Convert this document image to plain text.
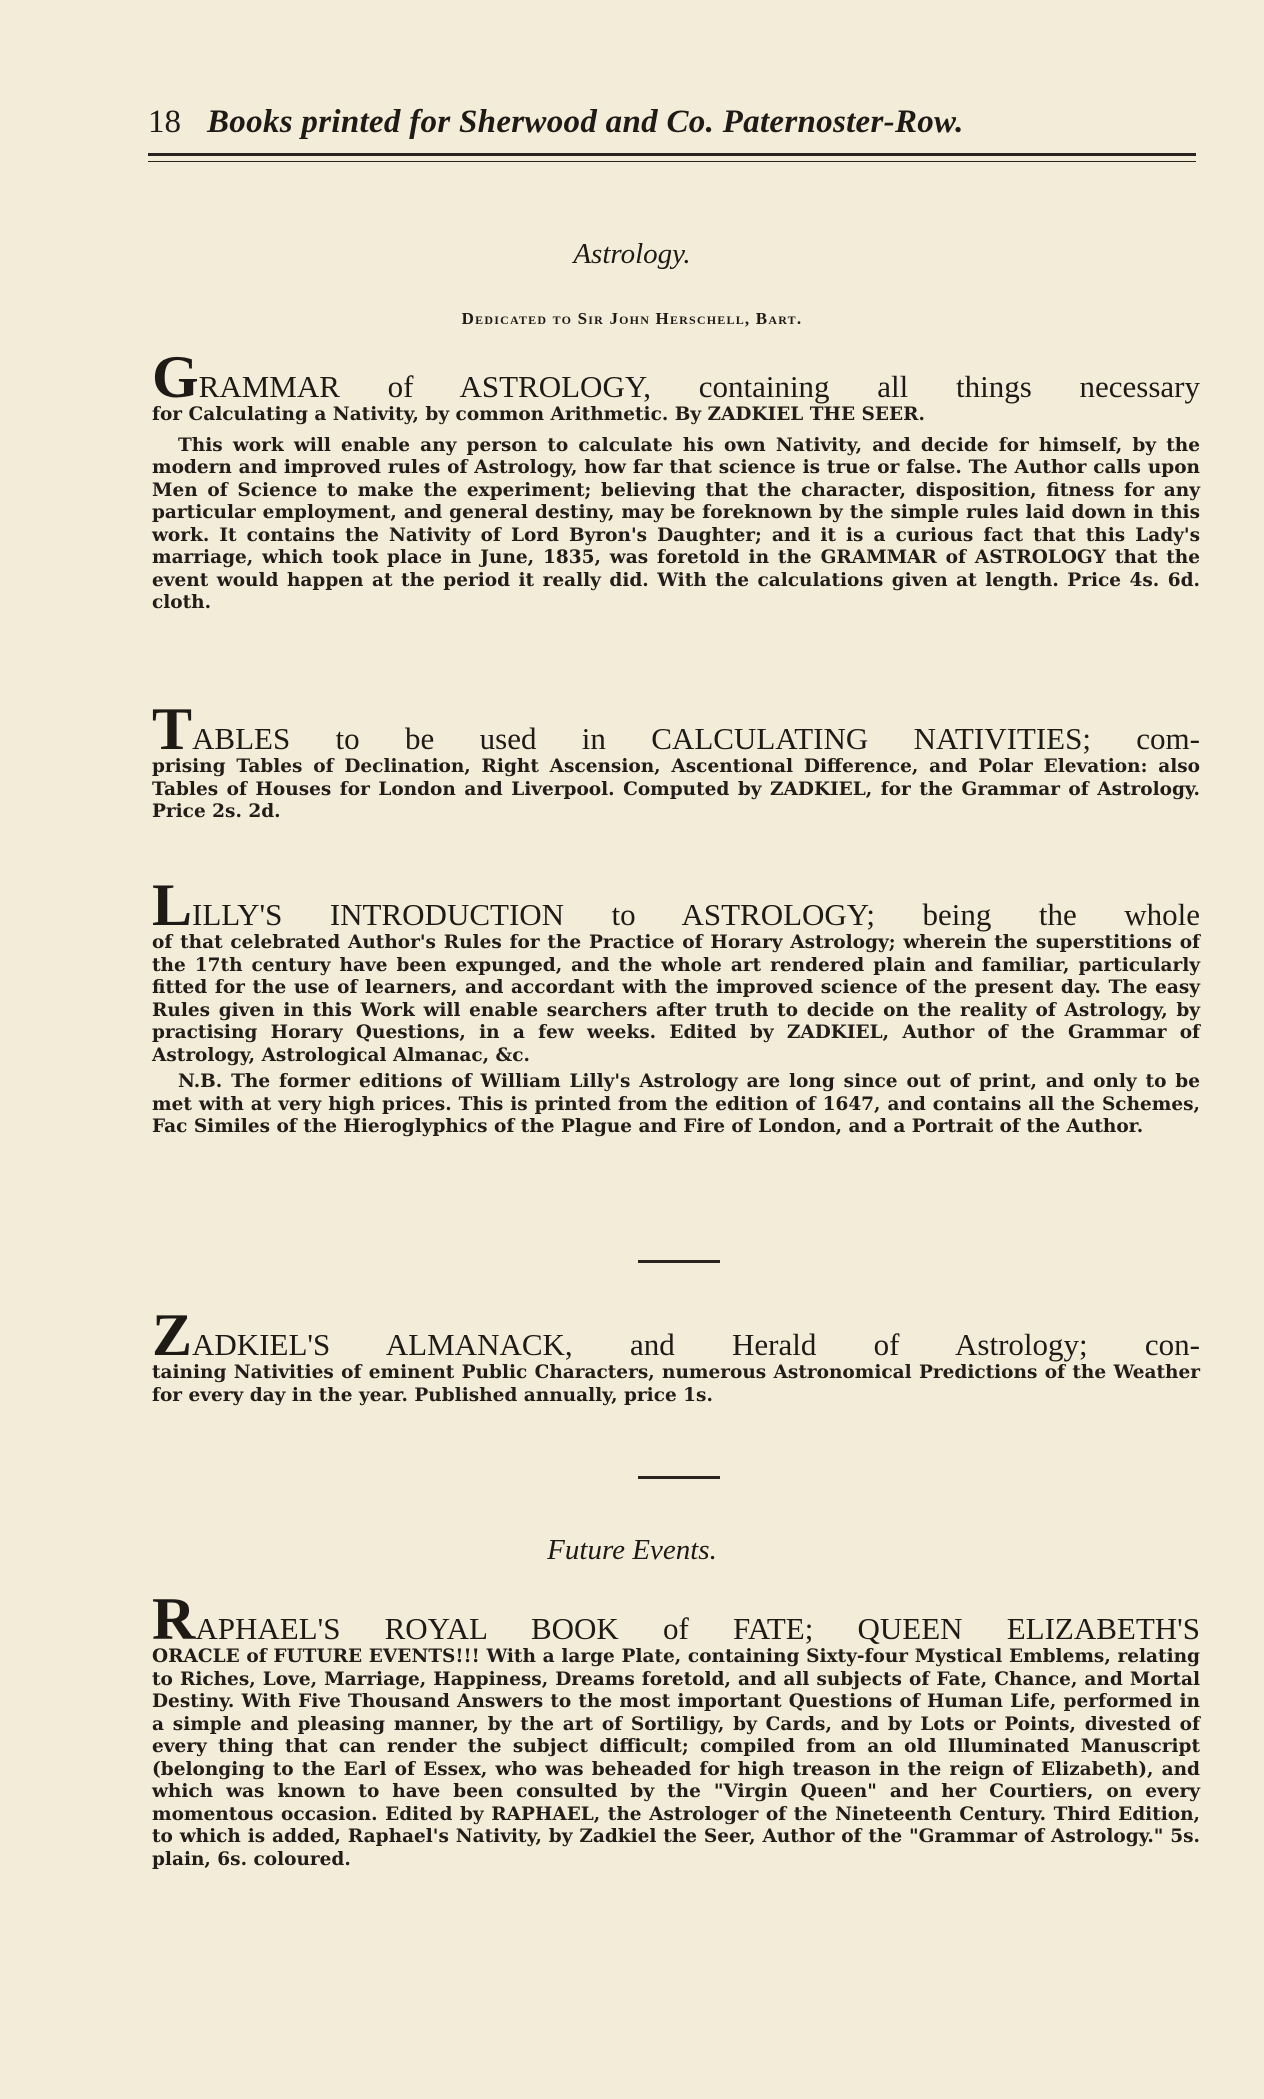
18 Books printed for Sherwood and Co. Paternoster-Row.
Astrology.
Dedicated to Sir John Herschell, Bart.
GRAMMAR of ASTROLOGY, containing all things necessary

for Calculating a Nativity, by common Arithmetic. By ZADKIEL THE SEER.

This work will enable any person to calculate his own Nativity, and decide for himself, by the modern and improved rules of Astrology, how far that science is true or false. The Author calls upon Men of Science to make the experiment; believing that the character, disposition, fitness for any particular employment, and general destiny, may be foreknown by the simple rules laid down in this work. It contains the Nativity of Lord Byron's Daughter; and it is a curious fact that this Lady's marriage, which took place in June, 1835, was foretold in the GRAMMAR of ASTROLOGY that the event would happen at the period it really did. With the calculations given at length. Price 4s. 6d. cloth.

TABLES to be used in CALCULATING NATIVITIES; com-

prising Tables of Declination, Right Ascension, Ascentional Difference, and Polar Elevation: also Tables of Houses for London and Liverpool. Computed by ZADKIEL, for the Grammar of Astrology. Price 2s. 2d.

LILLY'S INTRODUCTION to ASTROLOGY; being the whole

of that celebrated Author's Rules for the Practice of Horary Astrology; wherein the superstitions of the 17th century have been expunged, and the whole art rendered plain and familiar, particularly fitted for the use of learners, and accordant with the improved science of the present day. The easy Rules given in this Work will enable searchers after truth to decide on the reality of Astrology, by practising Horary Questions, in a few weeks. Edited by ZADKIEL, Author of the Grammar of Astrology, Astrological Almanac, &c.

N.B. The former editions of William Lilly's Astrology are long since out of print, and only to be met with at very high prices. This is printed from the edition of 1647, and contains all the Schemes, Fac Similes of the Hieroglyphics of the Plague and Fire of London, and a Portrait of the Author.

ZADKIEL'S ALMANACK, and Herald of Astrology; con-

taining Nativities of eminent Public Characters, numerous Astronomical Predictions of the Weather for every day in the year. Published annually, price 1s.

Future Events.
RAPHAEL'S ROYAL BOOK of FATE; QUEEN ELIZABETH'S

ORACLE of FUTURE EVENTS!!! With a large Plate, containing Sixty-four Mystical Emblems, relating to Riches, Love, Marriage, Happiness, Dreams foretold, and all subjects of Fate, Chance, and Mortal Destiny. With Five Thousand Answers to the most important Questions of Human Life, performed in a simple and pleasing manner, by the art of Sortiligy, by Cards, and by Lots or Points, divested of every thing that can render the subject difficult; compiled from an old Illuminated Manuscript (belonging to the Earl of Essex, who was beheaded for high treason in the reign of Elizabeth), and which was known to have been consulted by the "Virgin Queen" and her Courtiers, on every momentous occasion. Edited by RAPHAEL, the Astrologer of the Nineteenth Century. Third Edition, to which is added, Raphael's Nativity, by Zadkiel the Seer, Author of the "Grammar of Astrology." 5s. plain, 6s. coloured.
